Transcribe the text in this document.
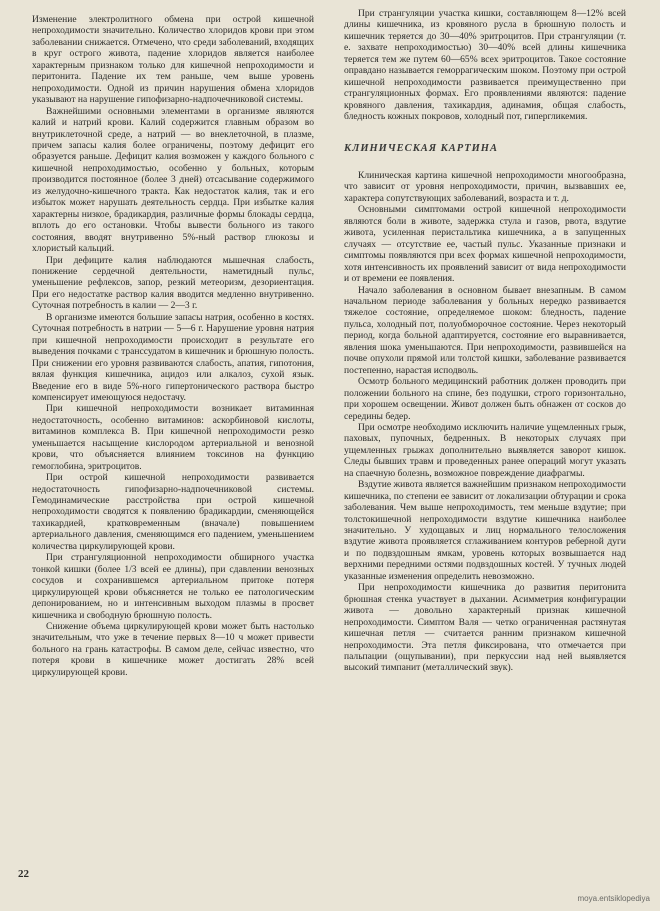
Изменение электролитного обмена при острой кишечной непроходимости значительно. Количество хлоридов крови при этом заболевании снижается. Отмечено, что среди заболеваний, входящих в круг острого живота, падение хлоридов является наиболее характерным признаком только для кишечной непроходимости и перитонита. Падение их тем раньше, чем выше уровень непроходимости. Одной из причин нарушения обмена хлоридов указывают на нарушение гипофизарно-надпочечниковой системы.

Важнейшими основными элементами в организме являются калий и натрий крови. Калий содержится главным образом во внутриклеточной среде, а натрий — во внеклеточной, в плазме, причем запасы калия более ограничены, поэтому дефицит его образуется раньше. Дефицит калия возможен у каждого больного с кишечной непроходимостью, особенно у больных, которым производится постоянное (более 3 дней) отсасывание содержимого из желудочно-кишечного тракта. Как недостаток калия, так и его избыток может нарушать деятельность сердца. При избытке калия характерны низкое, брадикардия, различные формы блокады сердца, вплоть до его остановки. Чтобы вывести больного из такого состояния, вводят внутривенно 5%-ный раствор глюкозы и хлористый кальций.

При дефиците калия наблюдаются мышечная слабость, понижение сердечной деятельности, наметидный пульс, уменьшение рефлексов, запор, резкий метеоризм, дезориентация. При его недостатке раствор калия вводится медленно внутривенно. Суточная потребность в калии — 2—3 г.

В организме имеются большие запасы натрия, особенно в костях. Суточная потребность в натрии — 5—6 г. Нарушение уровня натрия при кишечной непроходимости происходит в результате его выведения почками с транссудатом в кишечник и брюшную полость. При снижении его уровня развиваются слабость, апатия, гипотония, вялая функция кишечника, ацидоз или алкалоз, сухой язык. Введение его в виде 5%-ного гипертонического раствора быстро компенсирует имеющуюся недостачу.

При кишечной непроходимости возникает витаминная недостаточность, особенно витаминов: аскорбиновой кислоты, витаминов комплекса B. При кишечной непроходимости резко уменьшается насыщение кислородом артериальной и венозной крови, что объясняется влиянием токсинов на функцию гемоглобина, эритроцитов.

При острой кишечной непроходимости развивается недостаточность гипофизарно-надпочечниковой системы. Гемодинамические расстройства при острой кишечной непроходимости сводятся к появлению брадикардии, сменяющейся тахикардией, кратковременным (вначале) повышением артериального давления, сменяющимся его падением, уменьшением количества циркулирующей крови.

При странгуляционной непроходимости обширного участка тонкой кишки (более 1/3 всей ее длины), при сдавлении венозных сосудов и сохранившемся артериальном притоке потеря циркулирующей крови объясняется не только ее патологическим депонированием, но и интенсивным выходом плазмы в просвет кишечника и свободную брюшную полость.

Снижение объема циркулирующей крови может быть настолько значительным, что уже в течение первых 8—10 ч может привести больного на грань катастрофы. В самом деле, сейчас известно, что потеря крови в кишечнике может достигать 28% всей циркулирующей крови.

При странгуляции участка кишки, составляющем 8—12% всей длины кишечника, из кровяного русла в брюшную полость и кишечник теряется до 30—40% эритроцитов. При странгуляции (т. е. захвате непроходимостью) 30—40% всей длины кишечника теряется тем же путем 60—65% всех эритроцитов. Такое состояние оправдано называется геморрагическим шоком. Поэтому при острой кишечной непроходимости развивается преимущественно при странгуляционных формах. Его проявлениями являются: падение кровяного давления, тахикардия, адинамия, общая слабость, бледность кожных покровов, холодный пот, гипергликемия.

КЛИНИЧЕСКАЯ КАРТИНА

Клиническая картина кишечной непроходимости многообразна, что зависит от уровня непроходимости, причин, вызвавших ее, характера сопутствующих заболеваний, возраста и т. д.

Основными симптомами острой кишечной непроходимости являются боли в животе, задержка стула и газов, рвота, вздутие живота, усиленная перистальтика кишечника, а в запущенных случаях — отсутствие ее, частый пульс. Указанные признаки и симптомы появляются при всех формах кишечной непроходимости, хотя интенсивность их проявлений зависит от вида непроходимости и от времени ее появления.

Начало заболевания в основном бывает внезапным. В самом начальном периоде заболевания у больных нередко развивается тяжелое состояние, определяемое шоком: бледность, падение пульса, холодный пот, полуобморочное состояние. Через некоторый период, когда больной адаптируется, состояние его выравнивается, явления шока уменьшаются. При непроходимости, развившейся на почве опухоли прямой или толстой кишки, заболевание развивается постепенно, нарастая исподволь.

Осмотр больного медицинский работник должен проводить при положении больного на спине, без подушки, строго горизонтально, при хорошем освещении. Живот должен быть обнажен от сосков до середины бедер.

При осмотре необходимо исключить наличие ущемленных грыж, паховых, пупочных, бедренных. В некоторых случаях при ущемленных грыжах дополнительно выявляется заворот кишок. Следы бывших травм и проведенных ранее операций могут указать на спаечную болезнь, возможное повреждение диафрагмы.

Вздутие живота является важнейшим признаком непроходимости кишечника, по степени ее зависит от локализации обтурации и срока заболевания. Чем выше непроходимость, тем меньше вздутие; при толстокишечной непроходимости вздутие кишечника наиболее значительно. У худощавых и лиц нормального телосложения вздутие живота проявляется сглаживанием контуров реберной дуги и по подвздошным ямкам, уровень которых возвышается над верхними передними остями подвздошных костей. У тучных людей указанные изменения определить невозможно.

При непроходимости кишечника до развития перитонита брюшная стенка участвует в дыхании. Асимметрия конфигурации живота — довольно характерный признак кишечной непроходимости. Симптом Валя — четко ограниченная растянутая кишечная петля — считается ранним признаком кишечной непроходимости. Эта петля фиксирована, что отмечается при пальпации (ощупывании), при перкуссии над ней выявляется высокий тимпанит (металлический звук).

22
moya.entsiklopediya
